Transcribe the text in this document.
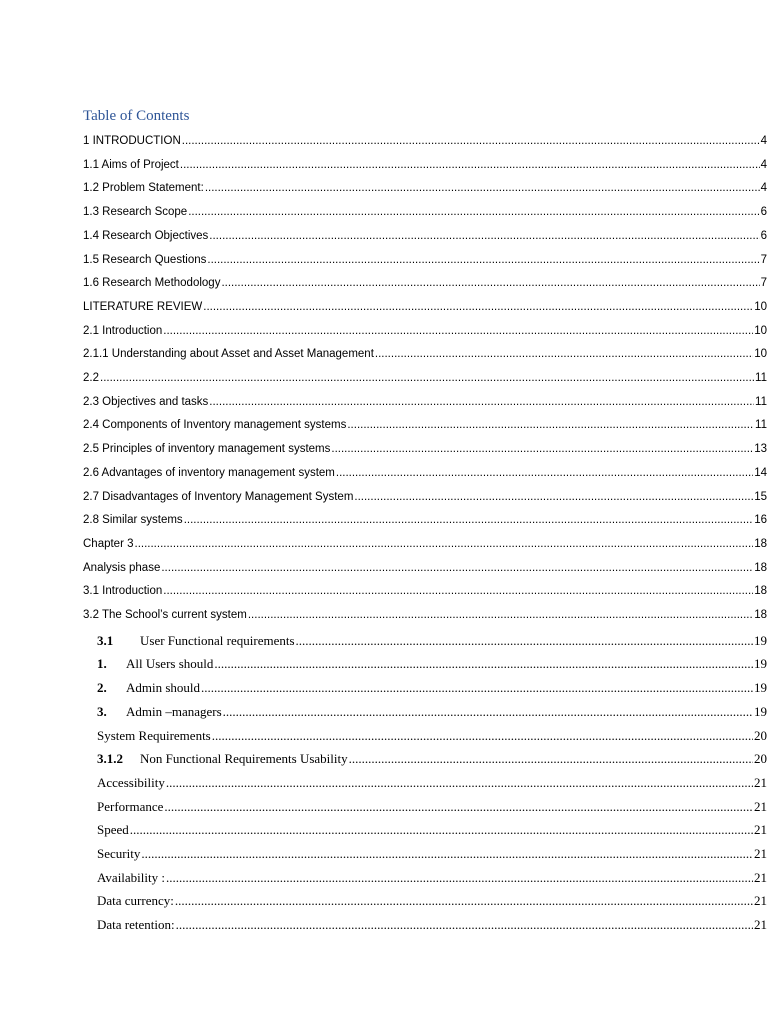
Table of Contents
1 INTRODUCTION .....	4
1.1 Aims of Project .....	4
1.2 Problem Statement: .....	4
1.3 Research Scope .....	6
1.4 Research Objectives .....	6
1.5 Research Questions .....	7
1.6 Research Methodology .....	7
LITERATURE REVIEW .....	10
2.1 Introduction .....	10
2.1.1 Understanding about Asset and Asset Management .....	10
2.2 .....	11
2.3 Objectives and tasks .....	11
2.4 Components of Inventory management systems .....	11
2.5 Principles of inventory management systems .....	13
2.6 Advantages of inventory management system .....	14
2.7 Disadvantages of Inventory Management System .....	15
2.8 Similar systems .....	16
Chapter 3 .....	18
Analysis phase .....	18
3.1 Introduction .....	18
3.2 The School’s current system .....	18
3.1	User Functional requirements .....	19
1.	All Users should .....	19
2.	Admin should .....	19
3.	Admin –managers .....	19
System Requirements .....	20
3.1.2	Non Functional Requirements Usability .....	20
Accessibility .....	21
Performance .....	21
Speed .....	21
Security .....	21
Availability : .....	21
Data currency: .....	21
Data retention: .....	21
